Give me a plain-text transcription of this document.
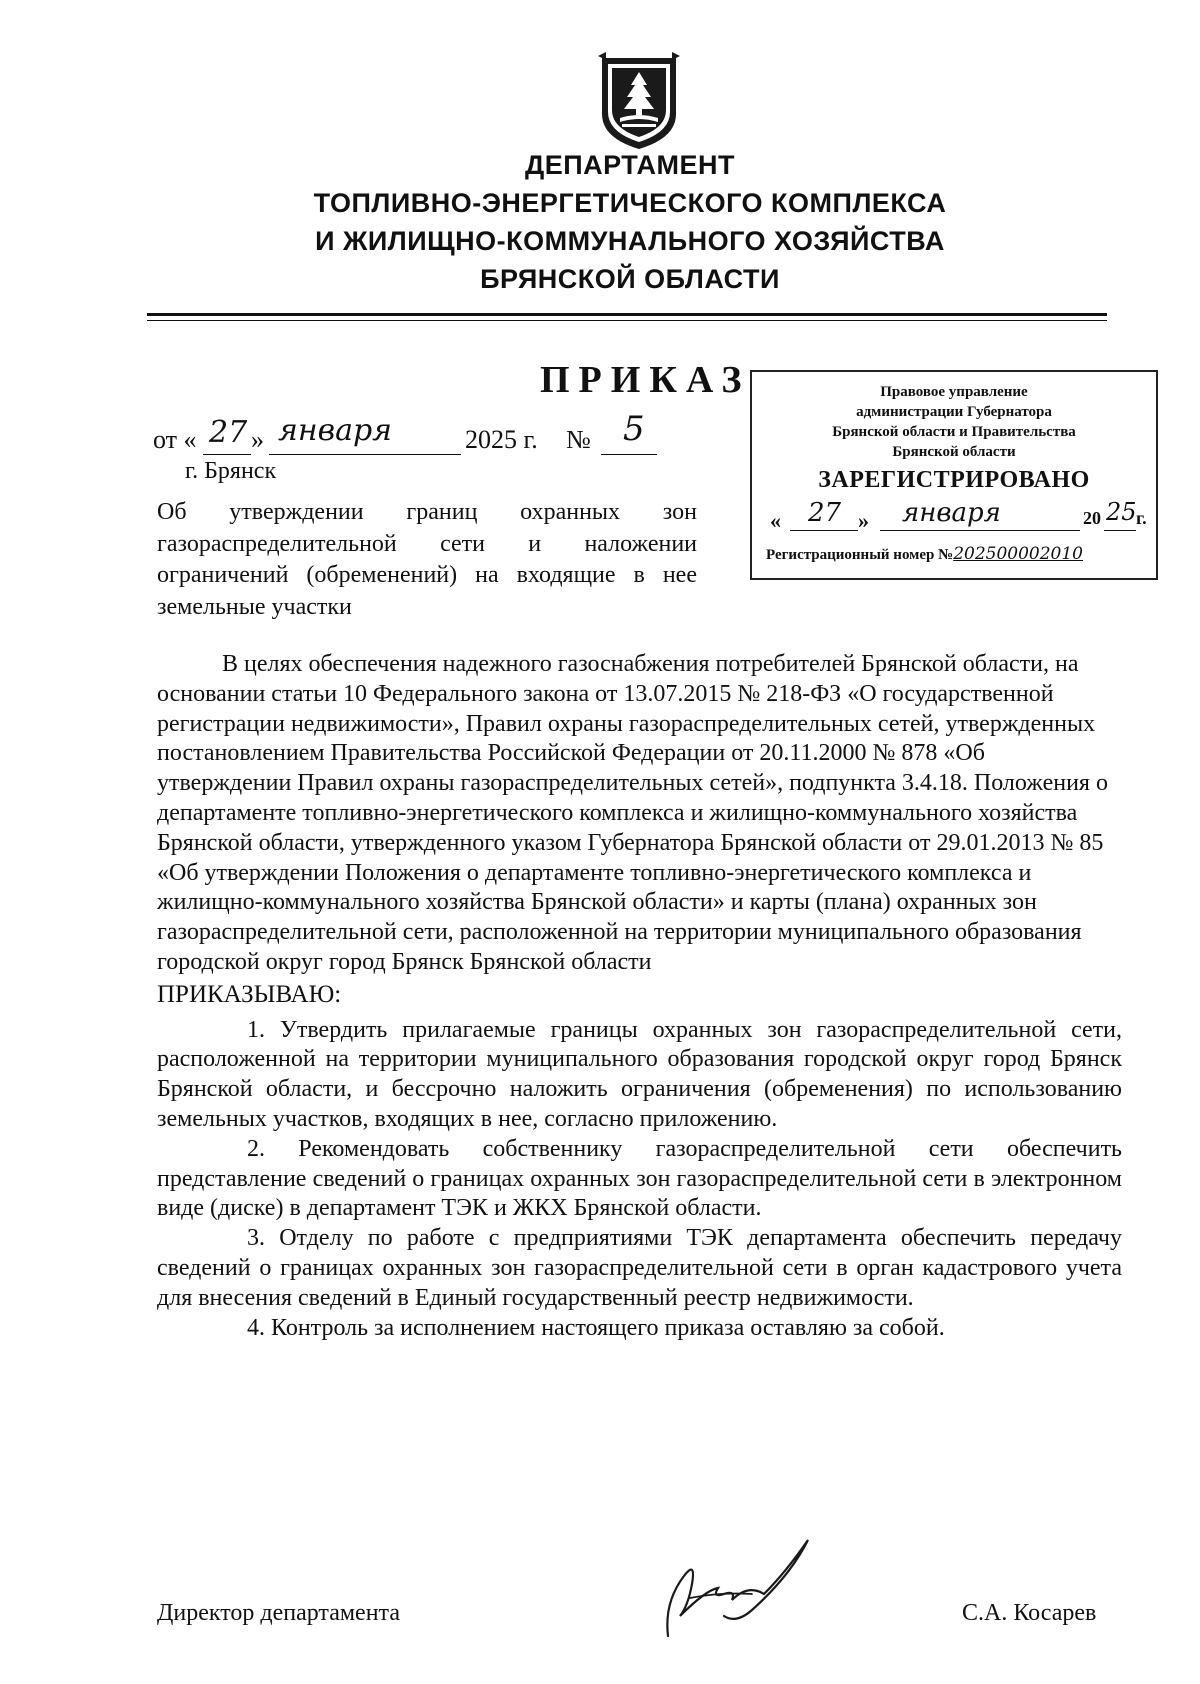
ДЕПАРТАМЕНТ
ТОПЛИВНО-ЭНЕРГЕТИЧЕСКОГО КОМПЛЕКСА
И ЖИЛИЩНО-КОММУНАЛЬНОГО ХОЗЯЙСТВА
БРЯНСКОЙ ОБЛАСТИ
ПРИКАЗ
от « 27 » января	2025 г. № 5
г. Брянск
Правовое управление
администрации Губернатора
Брянской области и Правительства
Брянской области
ЗАРЕГИСТРИРОВАНО
« 27 » января	20 25 г.
Регистрационный номер №202500002010
Об утверждении границ охранных зон газораспределительной сети и наложении ограничений (обременений) на входящие в нее земельные участки

В целях обеспечения надежного газоснабжения потребителей Брянской области, на основании статьи 10 Федерального закона от 13.07.2015 № 218-ФЗ «О государственной регистрации недвижимости», Правил охраны газораспределительных сетей, утвержденных постановлением Правительства Российской Федерации от 20.11.2000 № 878 «Об утверждении Правил охраны газораспределительных сетей», подпункта 3.4.18. Положения о департаменте топливно-энергетического комплекса и жилищно-коммунального хозяйства Брянской области, утвержденного указом Губернатора Брянской области от 29.01.2013 № 85 «Об утверждении Положения о департаменте топливно-энергетического комплекса и жилищно-коммунального хозяйства Брянской области» и карты (плана) охранных зон газораспределительной сети, расположенной на территории муниципального образования городской округ город Брянск Брянской области

ПРИКАЗЫВАЮ:

1. Утвердить прилагаемые границы охранных зон газораспределительной сети, расположенной на территории муниципального образования городской округ город Брянск Брянской области, и бессрочно наложить ограничения (обременения) по использованию земельных участков, входящих в нее, согласно приложению.

2. Рекомендовать собственнику газораспределительной сети обеспечить представление сведений о границах охранных зон газораспределительной сети в электронном виде (диске) в департамент ТЭК и ЖКХ Брянской области.

3. Отделу по работе с предприятиями ТЭК департамента обеспечить передачу сведений о границах охранных зон газораспределительной сети в орган кадастрового учета для внесения сведений в Единый государственный реестр недвижимости.

4. Контроль за исполнением настоящего приказа оставляю за собой.

Директор департамента	С.А. Косарев
